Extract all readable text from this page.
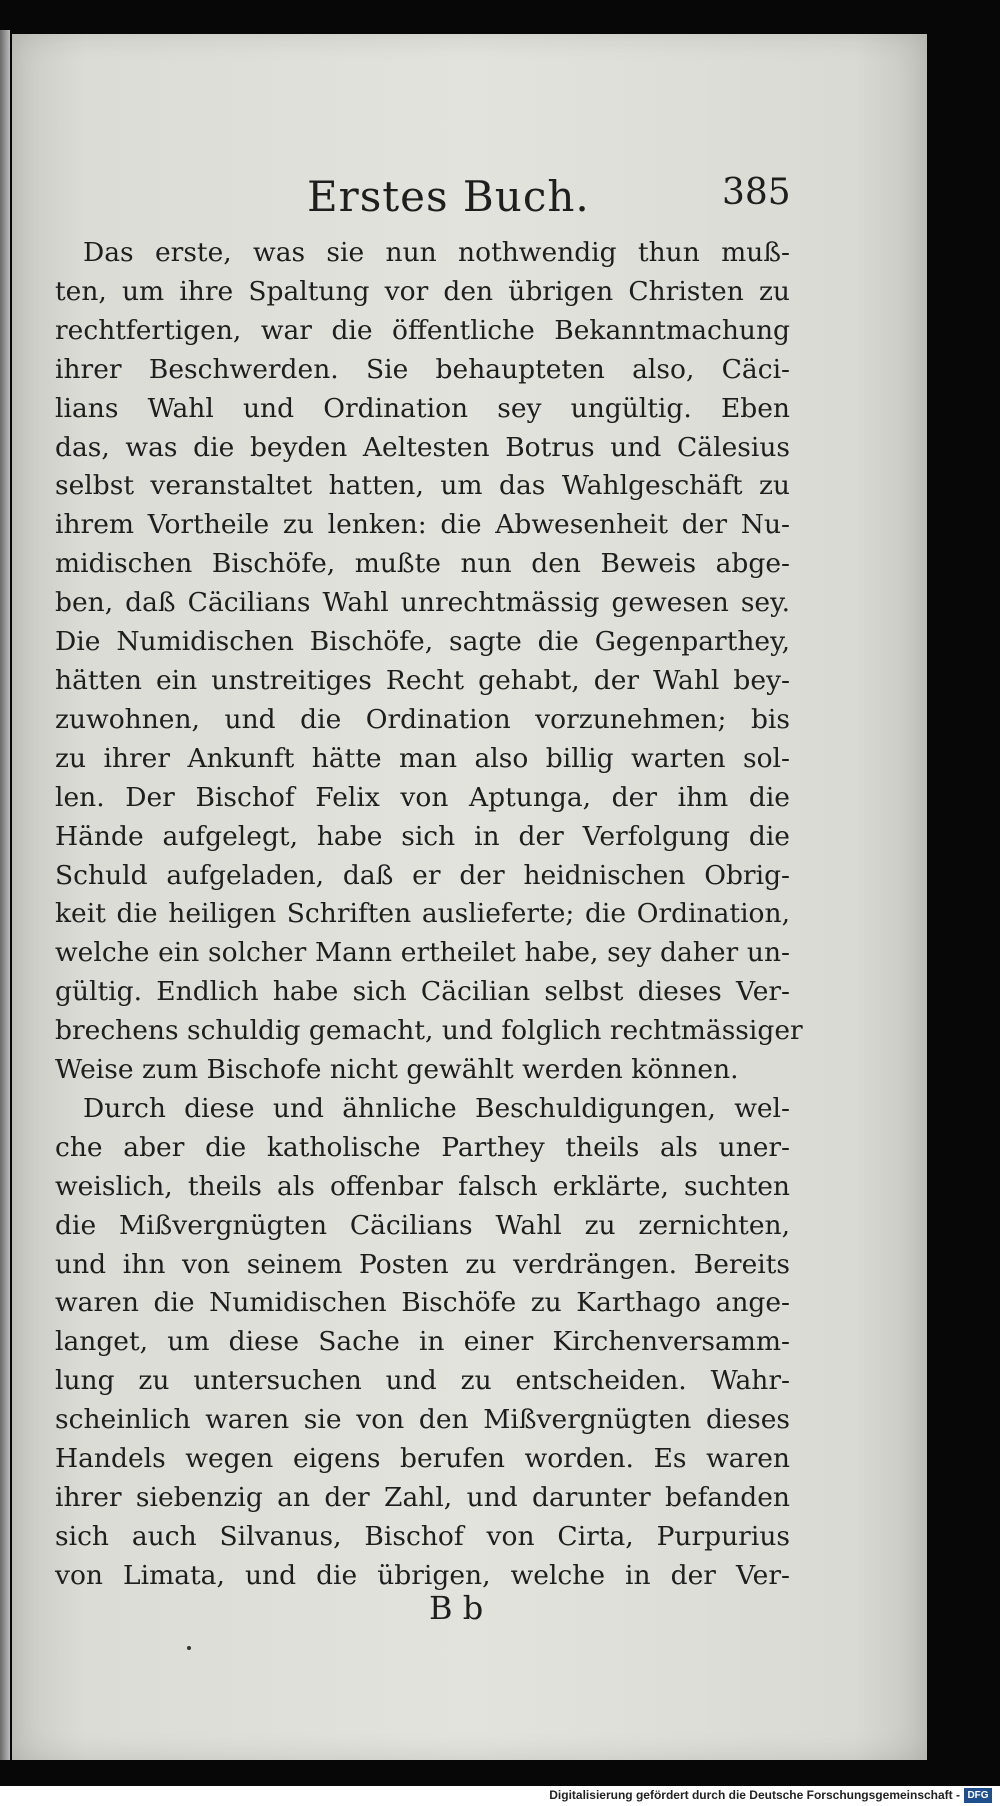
Erstes Buch.	385
Das erste, was sie nun nothwendig thun muß-
ten, um ihre Spaltung vor den übrigen Christen zu
rechtfertigen, war die öffentliche Bekanntmachung
ihrer Beschwerden. Sie behaupteten also, Cäci-
lians Wahl und Ordination sey ungültig. Eben
das, was die beyden Aeltesten Botrus und Cälesius
selbst veranstaltet hatten, um das Wahlgeschäft zu
ihrem Vortheile zu lenken: die Abwesenheit der Nu-
midischen Bischöfe, mußte nun den Beweis abge-
ben, daß Cäcilians Wahl unrechtmässig gewesen sey.
Die Numidischen Bischöfe, sagte die Gegenparthey,
hätten ein unstreitiges Recht gehabt, der Wahl bey-
zuwohnen, und die Ordination vorzunehmen; bis
zu ihrer Ankunft hätte man also billig warten sol-
len. Der Bischof Felix von Aptunga, der ihm die
Hände aufgelegt, habe sich in der Verfolgung die
Schuld aufgeladen, daß er der heidnischen Obrig-
keit die heiligen Schriften auslieferte; die Ordination,
welche ein solcher Mann ertheilet habe, sey daher un-
gültig. Endlich habe sich Cäcilian selbst dieses Ver-
brechens schuldig gemacht, und folglich rechtmässiger
Weise zum Bischofe nicht gewählt werden können.
Durch diese und ähnliche Beschuldigungen, wel-
che aber die katholische Parthey theils als uner-
weislich, theils als offenbar falsch erklärte, suchten
die Mißvergnügten Cäcilians Wahl zu zernichten,
und ihn von seinem Posten zu verdrängen. Bereits
waren die Numidischen Bischöfe zu Karthago ange-
langet, um diese Sache in einer Kirchenversamm-
lung zu untersuchen und zu entscheiden. Wahr-
scheinlich waren sie von den Mißvergnügten dieses
Handels wegen eigens berufen worden. Es waren
ihrer siebenzig an der Zahl, und darunter befanden
sich auch Silvanus, Bischof von Cirta, Purpurius
von Limata, und die übrigen, welche in der Ver-
B b
Digitalisierung gefördert durch die Deutsche Forschungsgemeinschaft - DFG
